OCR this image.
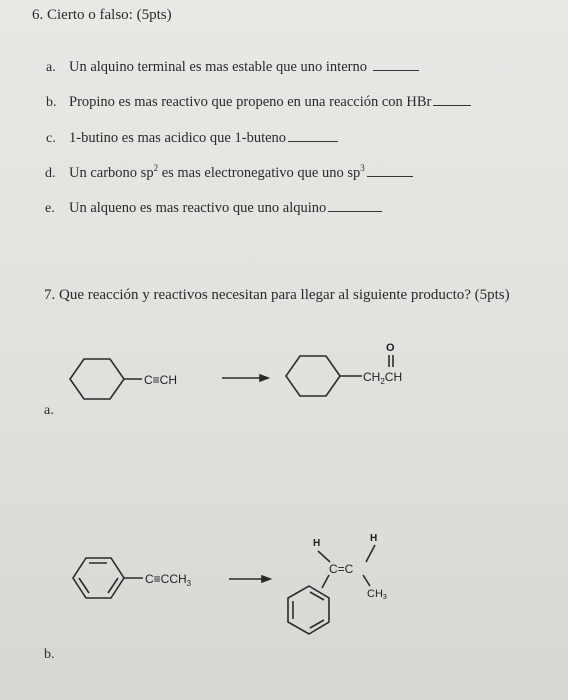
6. Cierto o falso: (5pts)
a. Un alquino terminal es mas estable que uno interno
b. Propino es mas reactivo que propeno en una reacción con HBr
c. 1-butino es mas acidico que 1-buteno
d. Un carbono $sp^2$ es mas electronegativo que uno $sp^3$
e. Un alqueno es mas reactivo que uno alquino
7. Que reacción y reactivos necesitan para llegar al siguiente producto? (5pts)
a.
b.
C≡CH
O
$CH_2CH$
$C\equiv CCH_3$
H	H
C=C
CH3
